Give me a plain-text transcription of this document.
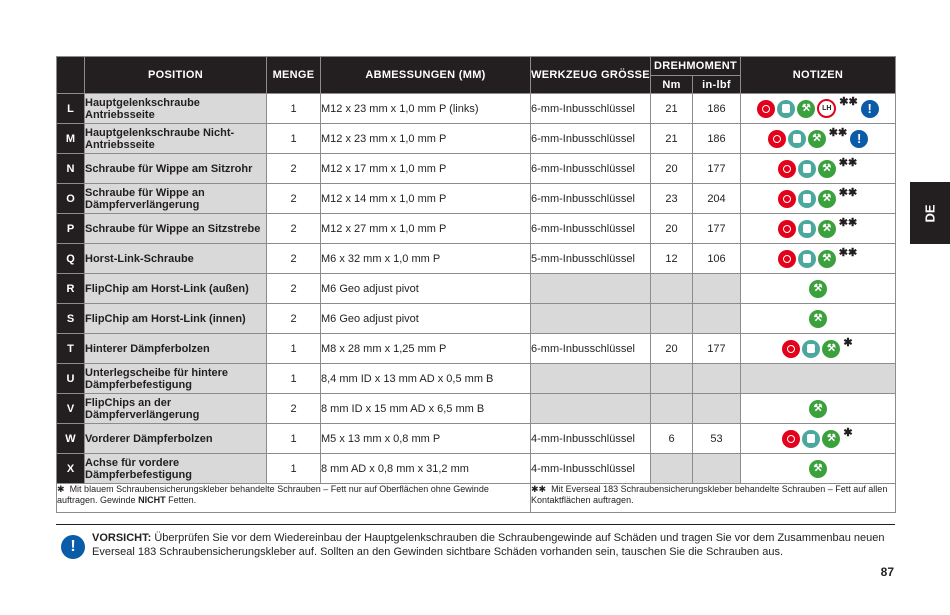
	POSITION	MENGE	ABMESSUNGEN (MM)	WERKZEUG GRÖSSE	DREHMOMENT		NOTIZEN
					Nm	in-lbf	
L	Hauptgelenkschraube Antriebsseite	1	M12 x 23 mm x 1,0 mm P (links)	6-mm-Inbusschlüssel	21	186	⚒ LH✱✱ !
M	Hauptgelenkschraube Nicht-Antriebsseite	1	M12 x 23 mm x 1,0 mm P	6-mm-Inbusschlüssel	21	186	⚒ ✱✱ !
N	Schraube für Wippe am Sitzrohr	2	M12 x 17 mm x 1,0 mm P	6-mm-Inbusschlüssel	20	177	⚒ ✱✱
O	Schraube für Wippe an Dämpferverlängerung	2	M12 x 14 mm x 1,0 mm P	6-mm-Inbusschlüssel	23	204	⚒ ✱✱
P	Schraube für Wippe an Sitzstrebe	2	M12 x 27 mm x 1,0 mm P	6-mm-Inbusschlüssel	20	177	⚒ ✱✱
Q	Horst-Link-Schraube	2	M6 x 32 mm x 1,0 mm P	5-mm-Inbusschlüssel	12	106	⚒ ✱✱
R	FlipChip am Horst-Link (außen)	2	M6 Geo adjust pivot				⚒
S	FlipChip am Horst-Link (innen)	2	M6 Geo adjust pivot				⚒
T	Hinterer Dämpferbolzen	1	M8 x 28 mm x 1,25 mm P	6-mm-Inbusschlüssel	20	177	⚒ ✱
U	Unterlegscheibe für hintere Dämpferbefestigung	1	8,4 mm ID x 13 mm AD x 0,5 mm B				
V	FlipChips an der Dämpferverlängerung	2	8 mm ID x 15 mm AD x 6,5 mm B				⚒
W	Vorderer Dämpferbolzen	1	M5 x 13 mm x 0,8 mm P	4-mm-Inbusschlüssel	6	53	⚒ ✱
X	Achse für vordere Dämpferbefestigung	1	8 mm AD x 0,8 mm x 31,2 mm	4-mm-Inbusschlüssel			⚒
✱ Mit blauem Schraubensicherungskleber behandelte Schrauben – Fett nur auf Oberflächen ohne Gewinde auftragen. Gewinde NICHT Fetten.				✱✱ Mit Everseal 183 Schraubensicherungskleber behandelte Schrauben – Fett auf allen Kontaktflächen auftragen.			
!	VORSICHT: Überprüfen Sie vor dem Wiedereinbau der Hauptgelenkschrauben die Schraubengewinde auf Schäden und tragen Sie vor dem Zusammenbau neuen Everseal 183 Schraubensicherungskleber auf. Sollten an den Gewinden sichtbare Schäden vorhanden sein, tauschen Sie die Schrauben aus.
87
DE
